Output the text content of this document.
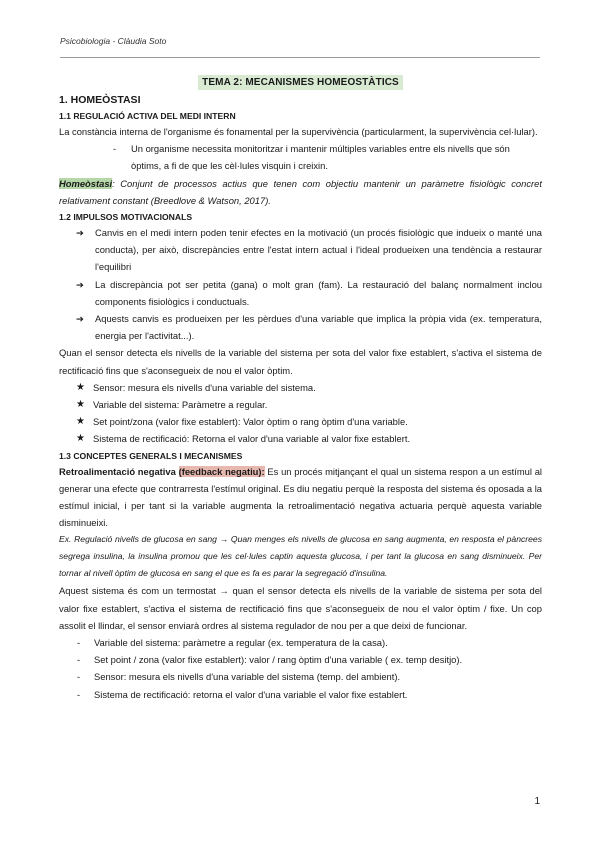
Psicobiologia - Clàudia Soto
TEMA 2: MECANISMES HOMEOSTÀTICS
1. HOMEÒSTASI
1.1 REGULACIÓ ACTIVA DEL MEDI INTERN
La constància interna de l'organisme és fonamental per la supervivència (particularment, la supervivència cel·lular).
- Un organisme necessita monitoritzar i mantenir múltiples variables entre els nivells que són òptims, a fi de que les cèl·lules visquin i creixin.
Homeòstasi: Conjunt de processos actius que tenen com objectiu mantenir un paràmetre fisiològic concret relativament constant (Breedlove & Watson, 2017).
1.2 IMPULSOS MOTIVACIONALS
➔ Canvis en el medi intern poden tenir efectes en la motivació (un procés fisiològic que indueix o manté una conducta), per això, discrepàncies entre l'estat intern actual i l'ideal produeixen una tendència a restaurar l'equilibri
➔ La discrepància pot ser petita (gana) o molt gran (fam). La restauració del balanç normalment inclou components fisiològics i conductuals.
➔ Aquests canvis es produeixen per les pèrdues d'una variable que implica la pròpia vida (ex. temperatura, energia per l'activitat...).
Quan el sensor detecta els nivells de la variable del sistema per sota del valor fixe establert, s'activa el sistema de rectificació fins que s'aconsegueix de nou el valor òptim.
★ Sensor: mesura els nivells d'una variable del sistema.
★ Variable del sistema: Paràmetre a regular.
★ Set point/zona (valor fixe establert): Valor òptim o rang òptim d'una variable.
★ Sistema de rectificació: Retorna el valor d'una variable al valor fixe establert.
1.3 CONCEPTES GENERALS I MECANISMES
Retroalimentació negativa (feedback negatiu): Es un procés mitjançant el qual un sistema respon a un estímul al generar una efecte que contrarresta l'estímul original. Es diu negatiu perquè la resposta del sistema és oposada a la estímul inicial, i per tant si la variable augmenta la retroalimentació negativa actuaria perquè aquesta variable disminueixi.
Ex. Regulació nivells de glucosa en sang → Quan menges els nivells de glucosa en sang augmenta, en resposta el pàncrees segrega insulina, la insulina promou que les cel·lules captin aquesta glucosa, i per tant la glucosa en sang disminueix. Per tornar al nivell òptim de glucosa en sang el que es fa es parar la segregació d'insulina.
Aquest sistema és com un termostat → quan el sensor detecta els nivells de la variable de sistema per sota del valor fixe establert, s'activa el sistema de rectificació fins que s'aconsegueix de nou el valor òptim / fixe. Un cop assolit el llindar, el sensor enviarà ordres al sistema regulador de nou per a que deixi de funcionar.
- Variable del sistema: paràmetre a regular (ex. temperatura de la casa).
- Set point / zona (valor fixe establert): valor / rang òptim d'una variable ( ex. temp desitjo).
- Sensor: mesura els nivells d'una variable del sistema (temp. del ambient).
- Sistema de rectificació: retorna el valor d'una variable el valor fixe establert.
1
